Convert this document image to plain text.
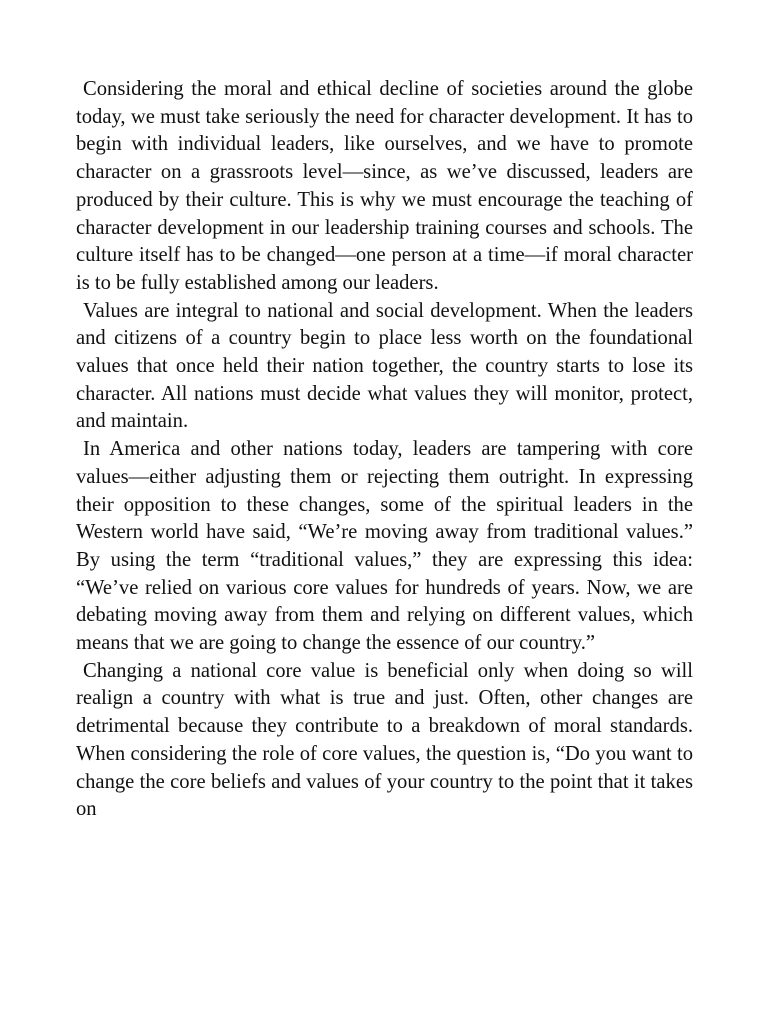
Considering the moral and ethical decline of societies around the globe today, we must take seriously the need for character development. It has to begin with individual leaders, like ourselves, and we have to promote character on a grassroots level—since, as we’ve discussed, leaders are produced by their culture. This is why we must encourage the teaching of character development in our leadership training courses and schools. The culture itself has to be changed—one person at a time—if moral character is to be fully established among our leaders.

Values are integral to national and social development. When the leaders and citizens of a country begin to place less worth on the foundational values that once held their nation together, the country starts to lose its character. All nations must decide what values they will monitor, protect, and maintain.

In America and other nations today, leaders are tampering with core values—either adjusting them or rejecting them outright. In expressing their opposition to these changes, some of the spiritual leaders in the Western world have said, “We’re moving away from traditional values.” By using the term “traditional values,” they are expressing this idea: “We’ve relied on various core values for hundreds of years. Now, we are debating moving away from them and relying on different values, which means that we are going to change the essence of our country.”

Changing a national core value is beneficial only when doing so will realign a country with what is true and just. Often, other changes are detrimental because they contribute to a breakdown of moral standards. When considering the role of core values, the question is, “Do you want to change the core beliefs and values of your country to the point that it takes on
